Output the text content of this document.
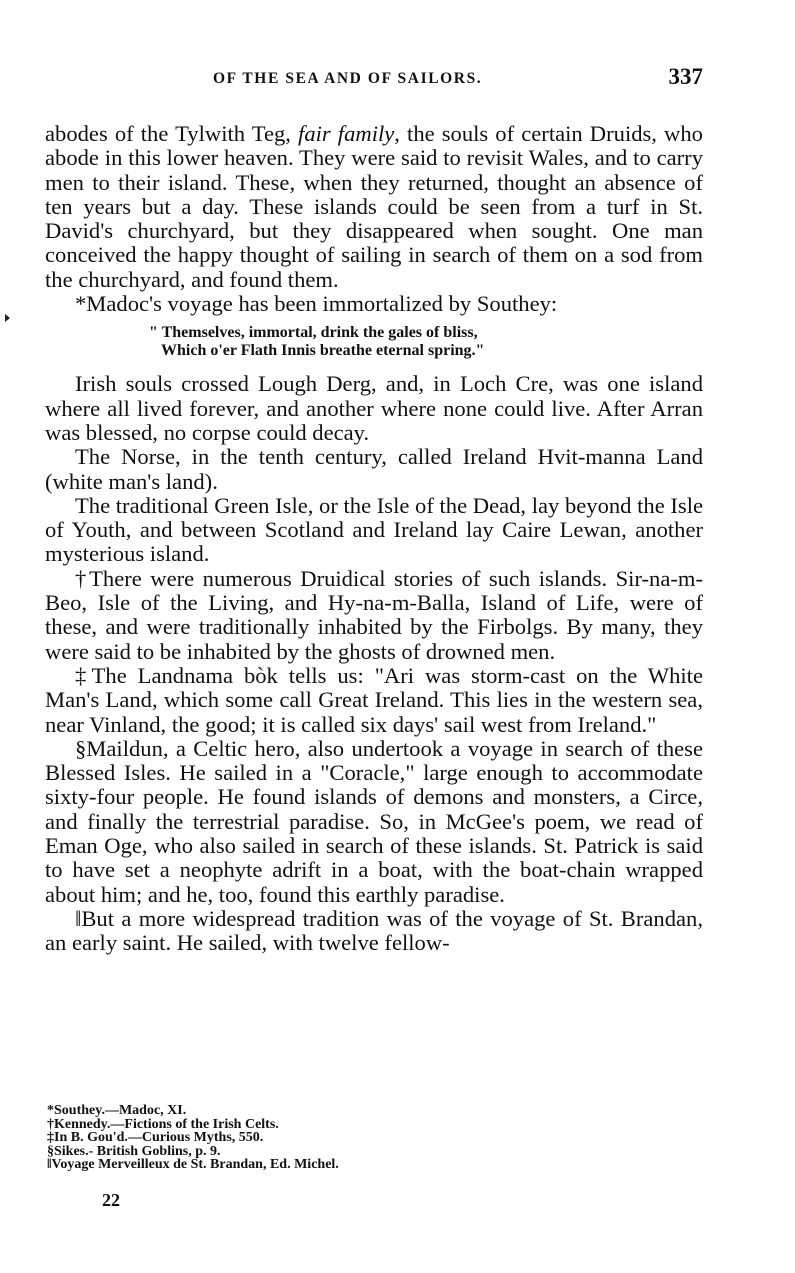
OF THE SEA AND OF SAILORS.	337

abodes of the Tylwith Teg, fair family, the souls of certain Druids, who abode in this lower heaven. They were said to revisit Wales, and to carry men to their island. These, when they returned, thought an absence of ten years but a day. These islands could be seen from a turf in St. David's churchyard, but they disappeared when sought. One man conceived the happy thought of sailing in search of them on a sod from the churchyard, and found them.

*Madoc's voyage has been immortalized by Southey:

" Themselves, immortal, drink the gales of bliss,
Which o'er Flath Innis breathe eternal spring."

Irish souls crossed Lough Derg, and, in Loch Cre, was one island where all lived forever, and another where none could live. After Arran was blessed, no corpse could decay.

The Norse, in the tenth century, called Ireland Hvit-manna Land (white man's land).

The traditional Green Isle, or the Isle of the Dead, lay beyond the Isle of Youth, and between Scotland and Ireland lay Caire Lewan, another mysterious island.

†There were numerous Druidical stories of such islands. Sir-na-m-Beo, Isle of the Living, and Hy-na-m-Balla, Island of Life, were of these, and were traditionally inhabited by the Firbolgs. By many, they were said to be inhabited by the ghosts of drowned men.

‡The Landnama bòk tells us: "Ari was storm-cast on the White Man's Land, which some call Great Ireland. This lies in the western sea, near Vinland, the good; it is called six days' sail west from Ireland."

§Maildun, a Celtic hero, also undertook a voyage in search of these Blessed Isles. He sailed in a "Coracle," large enough to accommodate sixty-four people. He found islands of demons and monsters, a Circe, and finally the terrestrial paradise. So, in McGee's poem, we read of Eman Oge, who also sailed in search of these islands. St. Patrick is said to have set a neophyte adrift in a boat, with the boat-chain wrapped about him; and he, too, found this earthly paradise.

‖But a more widespread tradition was of the voyage of St. Brandan, an early saint. He sailed, with twelve fellow-

*Southey.—Madoc, XI.
†Kennedy.—Fictions of the Irish Celts.
‡In B. Gou'd.—Curious Myths, 550.
§Sikes.- British Goblins, p. 9.
‖Voyage Merveilleux de St. Brandan, Ed. Michel.
22
